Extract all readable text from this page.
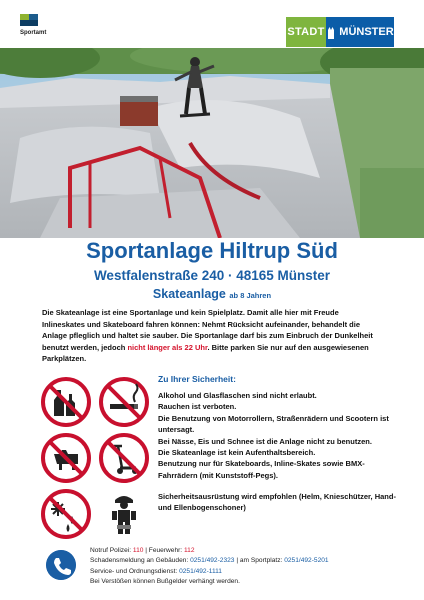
Sportamt	STADT MÜNSTER
Sportanlage Hiltrup Süd
Westfalenstraße 240 · 48165 Münster
Skateanlage ab 8 Jahren
Die Skateanlage ist eine Sportanlage und kein Spielplatz. Damit alle hier mit Freude Inlineskates und Skateboard fahren können: Nehmt Rücksicht aufeinander, behandelt die Anlage pfleglich und haltet sie sauber. Die Sportanlage darf bis zum Einbruch der Dunkelheit benutzt werden, jedoch nicht länger als 22 Uhr. Bitte parken Sie nur auf den ausgewiesenen Parkplätzen.
Zu Ihrer Sicherheit:

Alkohol und Glasflaschen sind nicht erlaubt.

Rauchen ist verboten.

Die Benutzung von Motorrollern, Straßenrädern und Scootern ist untersagt.

Bei Nässe, Eis und Schnee ist die Anlage nicht zu benutzen.

Die Skateanlage ist kein Aufenthaltsbereich.

Benutzung nur für Skateboards, Inline-Skates sowie BMX-Fahrrädern (mit Kunststoff-Pegs).

Sicherheitsausrüstung wird empfohlen (Helm, Knieschützer, Hand- und Ellenbogenschoner)
Notruf Polizei: 110 | Feuerwehr: 112
Schadensmeldung an Gebäuden: 0251/492-2323 | am Sportplatz: 0251/492-5201
Service- und Ordnungsdienst: 0251/492-1111
Bei Verstößen können Bußgelder verhängt werden.
